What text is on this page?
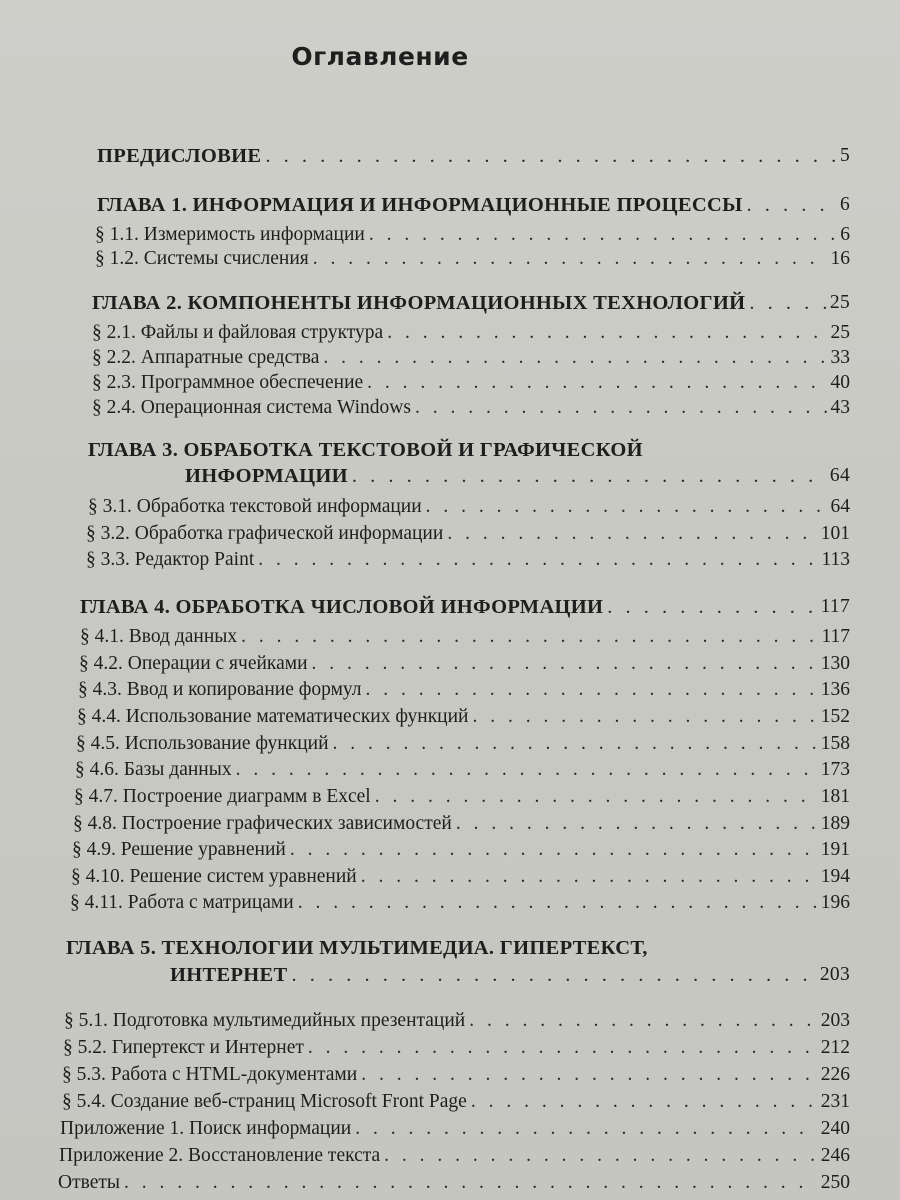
Оглавление
ПРЕДИСЛОВИЕ . . .	5
ГЛАВА 1. ИНФОРМАЦИЯ И ИНФОРМАЦИОННЫЕ ПРОЦЕССЫ . . .	6
§ 1.1. Измеримость информации . . .	6
§ 1.2. Системы счисления . . .	16
ГЛАВА 2. КОМПОНЕНТЫ ИНФОРМАЦИОННЫХ ТЕХНОЛОГИЙ . . .	25
§ 2.1. Файлы и файловая структура . . .	25
§ 2.2. Аппаратные средства . . .	33
§ 2.3. Программное обеспечение . . .	40
§ 2.4. Операционная система Windows . . .	43
ГЛАВА 3. ОБРАБОТКА ТЕКСТОВОЙ И ГРАФИЧЕСКОЙ
ИНФОРМАЦИИ . . .	64
§ 3.1. Обработка текстовой информации . . .	64
§ 3.2. Обработка графической информации . . .	101
§ 3.3. Редактор Paint . . .	113
ГЛАВА 4. ОБРАБОТКА ЧИСЛОВОЙ ИНФОРМАЦИИ . . .	117
§ 4.1. Ввод данных . . .	117
§ 4.2. Операции с ячейками . . .	130
§ 4.3. Ввод и копирование формул . . .	136
§ 4.4. Использование математических функций . . .	152
§ 4.5. Использование функций . . .	158
§ 4.6. Базы данных . . .	173
§ 4.7. Построение диаграмм в Excel . . .	181
§ 4.8. Построение графических зависимостей . . .	189
§ 4.9. Решение уравнений . . .	191
§ 4.10. Решение систем уравнений . . .	194
§ 4.11. Работа с матрицами . . .	196
ГЛАВА 5. ТЕХНОЛОГИИ МУЛЬТИМЕДИА. ГИПЕРТЕКСТ,
ИНТЕРНЕТ . . .	203
§ 5.1. Подготовка мультимедийных презентаций . . .	203
§ 5.2. Гипертекст и Интернет . . .	212
§ 5.3. Работа с HTML-документами . . .	226
§ 5.4. Создание веб-страниц Microsoft Front Page . . .	231
Приложение 1. Поиск информации . . .	240
Приложение 2. Восстановление текста . . .	246
Ответы . . .	250
